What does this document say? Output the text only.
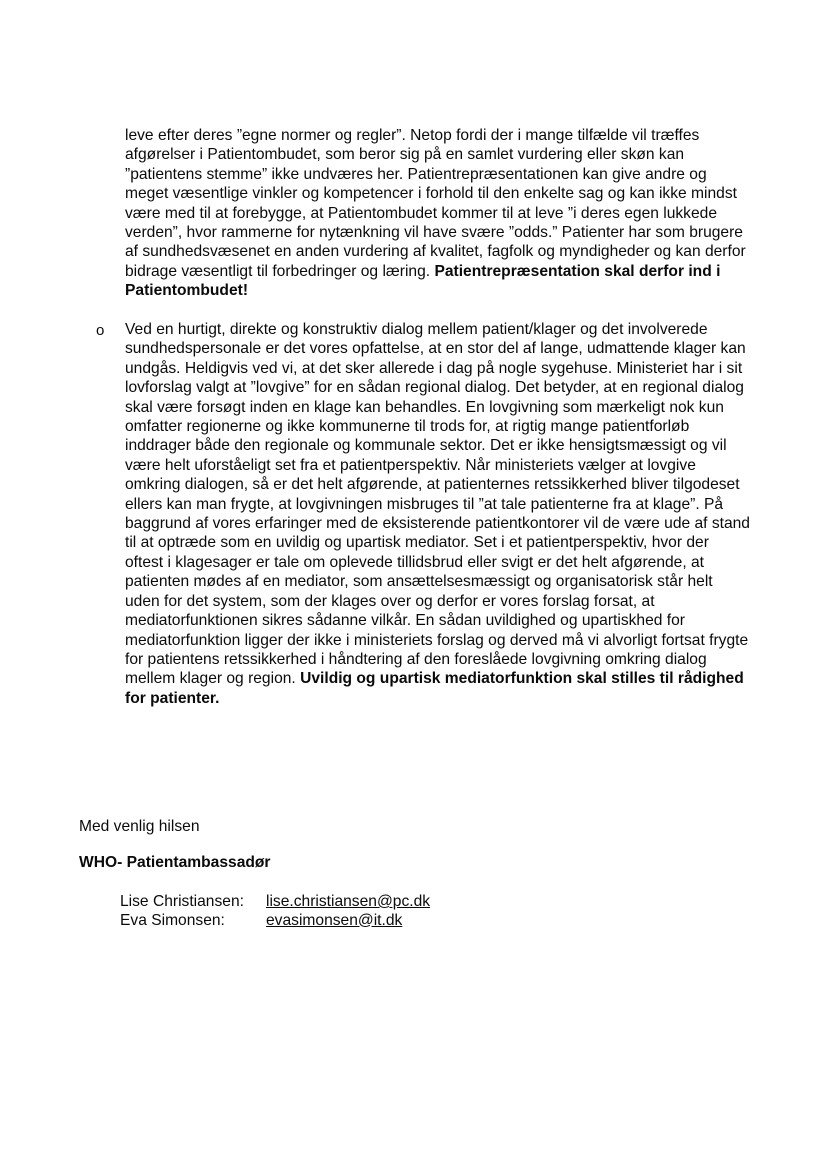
leve efter deres ”egne normer og regler”. Netop fordi der i mange tilfælde vil træffes afgørelser i Patientombudet, som beror sig på en samlet vurdering eller skøn kan ”patientens stemme” ikke undværes her. Patientrepræsentationen kan give andre og meget væsentlige vinkler og kompetencer i forhold til den enkelte sag og kan ikke mindst være med til at forebygge, at Patientombudet kommer til at leve ”i deres egen lukkede verden”, hvor rammerne for nytænkning vil have svære ”odds.” Patienter har som brugere af sundhedsvæsenet en anden vurdering af kvalitet, fagfolk og myndigheder og kan derfor bidrage væsentligt til forbedringer og læring. Patientrepræsentation skal derfor ind i Patientombudet!

o	Ved en hurtigt, direkte og konstruktiv dialog mellem patient/klager og det involverede sundhedspersonale er det vores opfattelse, at en stor del af lange, udmattende klager kan undgås. Heldigvis ved vi, at det sker allerede i dag på nogle sygehuse. Ministeriet har i sit lovforslag valgt at ”lovgive” for en sådan regional dialog. Det betyder, at en regional dialog skal være forsøgt inden en klage kan behandles. En lovgivning som mærkeligt nok kun omfatter regionerne og ikke kommunerne til trods for, at rigtig mange patientforløb inddrager både den regionale og kommunale sektor. Det er ikke hensigtsmæssigt og vil være helt uforståeligt set fra et patientperspektiv. Når ministeriets vælger at lovgive omkring dialogen, så er det helt afgørende, at patienternes retssikkerhed bliver tilgodeset ellers kan man frygte, at lovgivningen misbruges til ”at tale patienterne fra at klage”. På baggrund af vores erfaringer med de eksisterende patientkontorer vil de være ude af stand til at optræde som en uvildig og upartisk mediator. Set i et patientperspektiv, hvor der oftest i klagesager er tale om oplevede tillidsbrud eller svigt er det helt afgørende, at patienten mødes af en mediator, som ansættelsesmæssigt og organisatorisk står helt uden for det system, som der klages over og derfor er vores forslag forsat, at mediatorfunktionen sikres sådanne vilkår. En sådan uvildighed og upartiskhed for mediatorfunktion ligger der ikke i ministeriets forslag og derved må vi alvorligt fortsat frygte for patientens retssikkerhed i håndtering af den foreslåede lovgivning omkring dialog mellem klager og region. Uvildig og upartisk mediatorfunktion skal stilles til rådighed for patienter.

Med venlig hilsen

WHO- Patientambassadør

Lise Christiansen:	lise.christiansen@pc.dk
Eva Simonsen:	evasimonsen@it.dk
